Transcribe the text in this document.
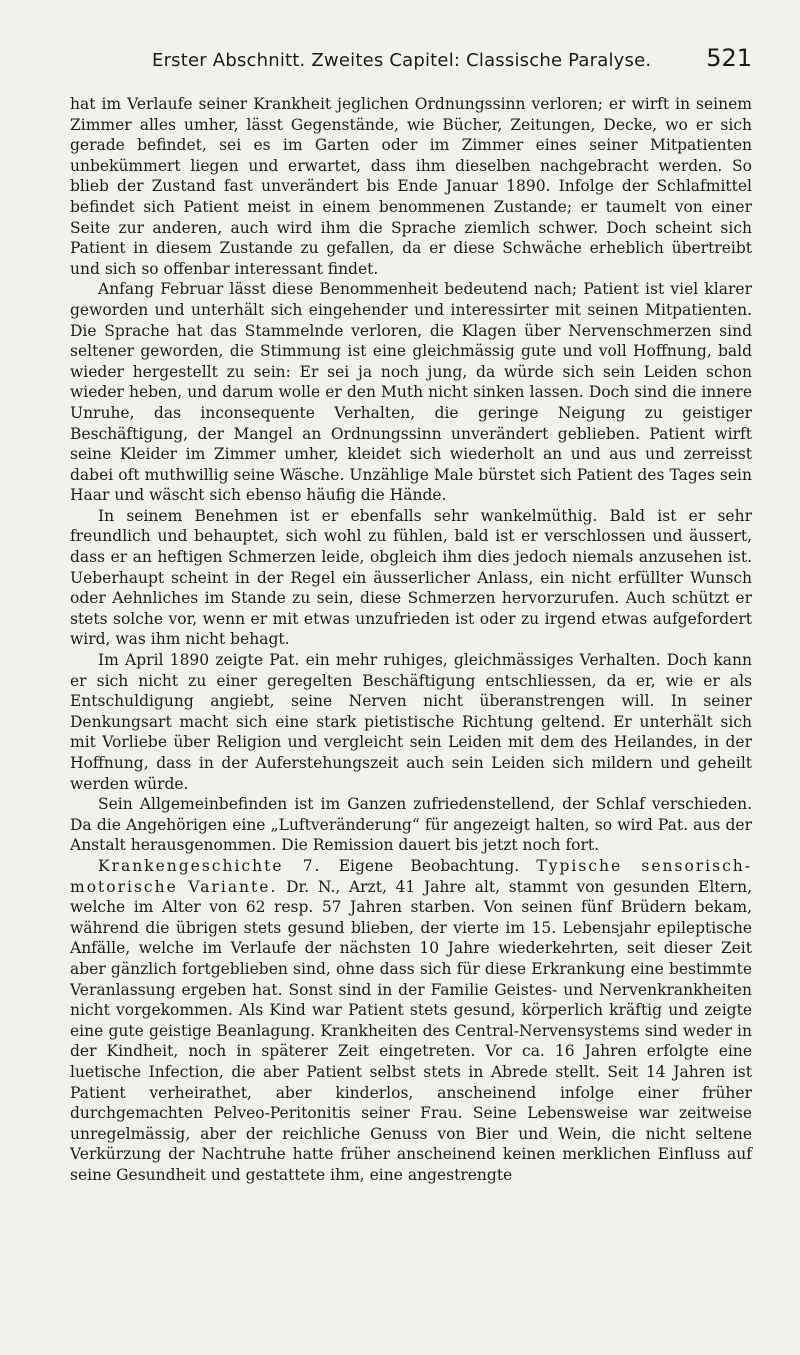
Erster Abschnitt. Zweites Capitel: Classische Paralyse. 521

hat im Verlaufe seiner Krankheit jeglichen Ordnungssinn verloren; er wirft in seinem Zimmer alles umher, lässt Gegenstände, wie Bücher, Zeitungen, Decke, wo er sich gerade befindet, sei es im Garten oder im Zimmer eines seiner Mitpatienten unbekümmert liegen und erwartet, dass ihm dieselben nachgebracht werden. So blieb der Zustand fast unverändert bis Ende Januar 1890. Infolge der Schlafmittel befindet sich Patient meist in einem benommenen Zustande; er taumelt von einer Seite zur anderen, auch wird ihm die Sprache ziemlich schwer. Doch scheint sich Patient in diesem Zustande zu gefallen, da er diese Schwäche erheblich übertreibt und sich so offenbar interessant findet.

Anfang Februar lässt diese Benommenheit bedeutend nach; Patient ist viel klarer geworden und unterhält sich eingehender und interessirter mit seinen Mitpatienten. Die Sprache hat das Stammelnde verloren, die Klagen über Nervenschmerzen sind seltener geworden, die Stimmung ist eine gleichmässig gute und voll Hoffnung, bald wieder hergestellt zu sein: Er sei ja noch jung, da würde sich sein Leiden schon wieder heben, und darum wolle er den Muth nicht sinken lassen. Doch sind die innere Unruhe, das inconsequente Verhalten, die geringe Neigung zu geistiger Beschäftigung, der Mangel an Ordnungssinn unverändert geblieben. Patient wirft seine Kleider im Zimmer umher, kleidet sich wiederholt an und aus und zerreisst dabei oft muthwillig seine Wäsche. Unzählige Male bürstet sich Patient des Tages sein Haar und wäscht sich ebenso häufig die Hände.

In seinem Benehmen ist er ebenfalls sehr wankelmüthig. Bald ist er sehr freundlich und behauptet, sich wohl zu fühlen, bald ist er verschlossen und äussert, dass er an heftigen Schmerzen leide, obgleich ihm dies jedoch niemals anzusehen ist. Ueberhaupt scheint in der Regel ein äusserlicher Anlass, ein nicht erfüllter Wunsch oder Aehnliches im Stande zu sein, diese Schmerzen hervorzurufen. Auch schützt er stets solche vor, wenn er mit etwas unzufrieden ist oder zu irgend etwas aufgefordert wird, was ihm nicht behagt.

Im April 1890 zeigte Pat. ein mehr ruhiges, gleichmässiges Verhalten. Doch kann er sich nicht zu einer geregelten Beschäftigung entschliessen, da er, wie er als Entschuldigung angiebt, seine Nerven nicht überanstrengen will. In seiner Denkungsart macht sich eine stark pietistische Richtung geltend. Er unterhält sich mit Vorliebe über Religion und vergleicht sein Leiden mit dem des Heilandes, in der Hoffnung, dass in der Auferstehungszeit auch sein Leiden sich mildern und geheilt werden würde.

Sein Allgemeinbefinden ist im Ganzen zufriedenstellend, der Schlaf verschieden. Da die Angehörigen eine „Luftveränderung“ für angezeigt halten, so wird Pat. aus der Anstalt herausgenommen. Die Remission dauert bis jetzt noch fort.

Krankengeschichte 7. Eigene Beobachtung. Typische sensorisch-motorische Variante. Dr. N., Arzt, 41 Jahre alt, stammt von gesunden Eltern, welche im Alter von 62 resp. 57 Jahren starben. Von seinen fünf Brüdern bekam, während die übrigen stets gesund blieben, der vierte im 15. Lebensjahr epileptische Anfälle, welche im Verlaufe der nächsten 10 Jahre wiederkehrten, seit dieser Zeit aber gänzlich fortgeblieben sind, ohne dass sich für diese Erkrankung eine bestimmte Veranlassung ergeben hat. Sonst sind in der Familie Geistes- und Nervenkrankheiten nicht vorgekommen. Als Kind war Patient stets gesund, körperlich kräftig und zeigte eine gute geistige Beanlagung. Krankheiten des Central-Nervensystems sind weder in der Kindheit, noch in späterer Zeit eingetreten. Vor ca. 16 Jahren erfolgte eine luetische Infection, die aber Patient selbst stets in Abrede stellt. Seit 14 Jahren ist Patient verheirathet, aber kinderlos, anscheinend infolge einer früher durchgemachten Pelveo-Peritonitis seiner Frau. Seine Lebensweise war zeitweise unregelmässig, aber der reichliche Genuss von Bier und Wein, die nicht seltene Verkürzung der Nachtruhe hatte früher anscheinend keinen merklichen Einfluss auf seine Gesundheit und gestattete ihm, eine angestrengte
